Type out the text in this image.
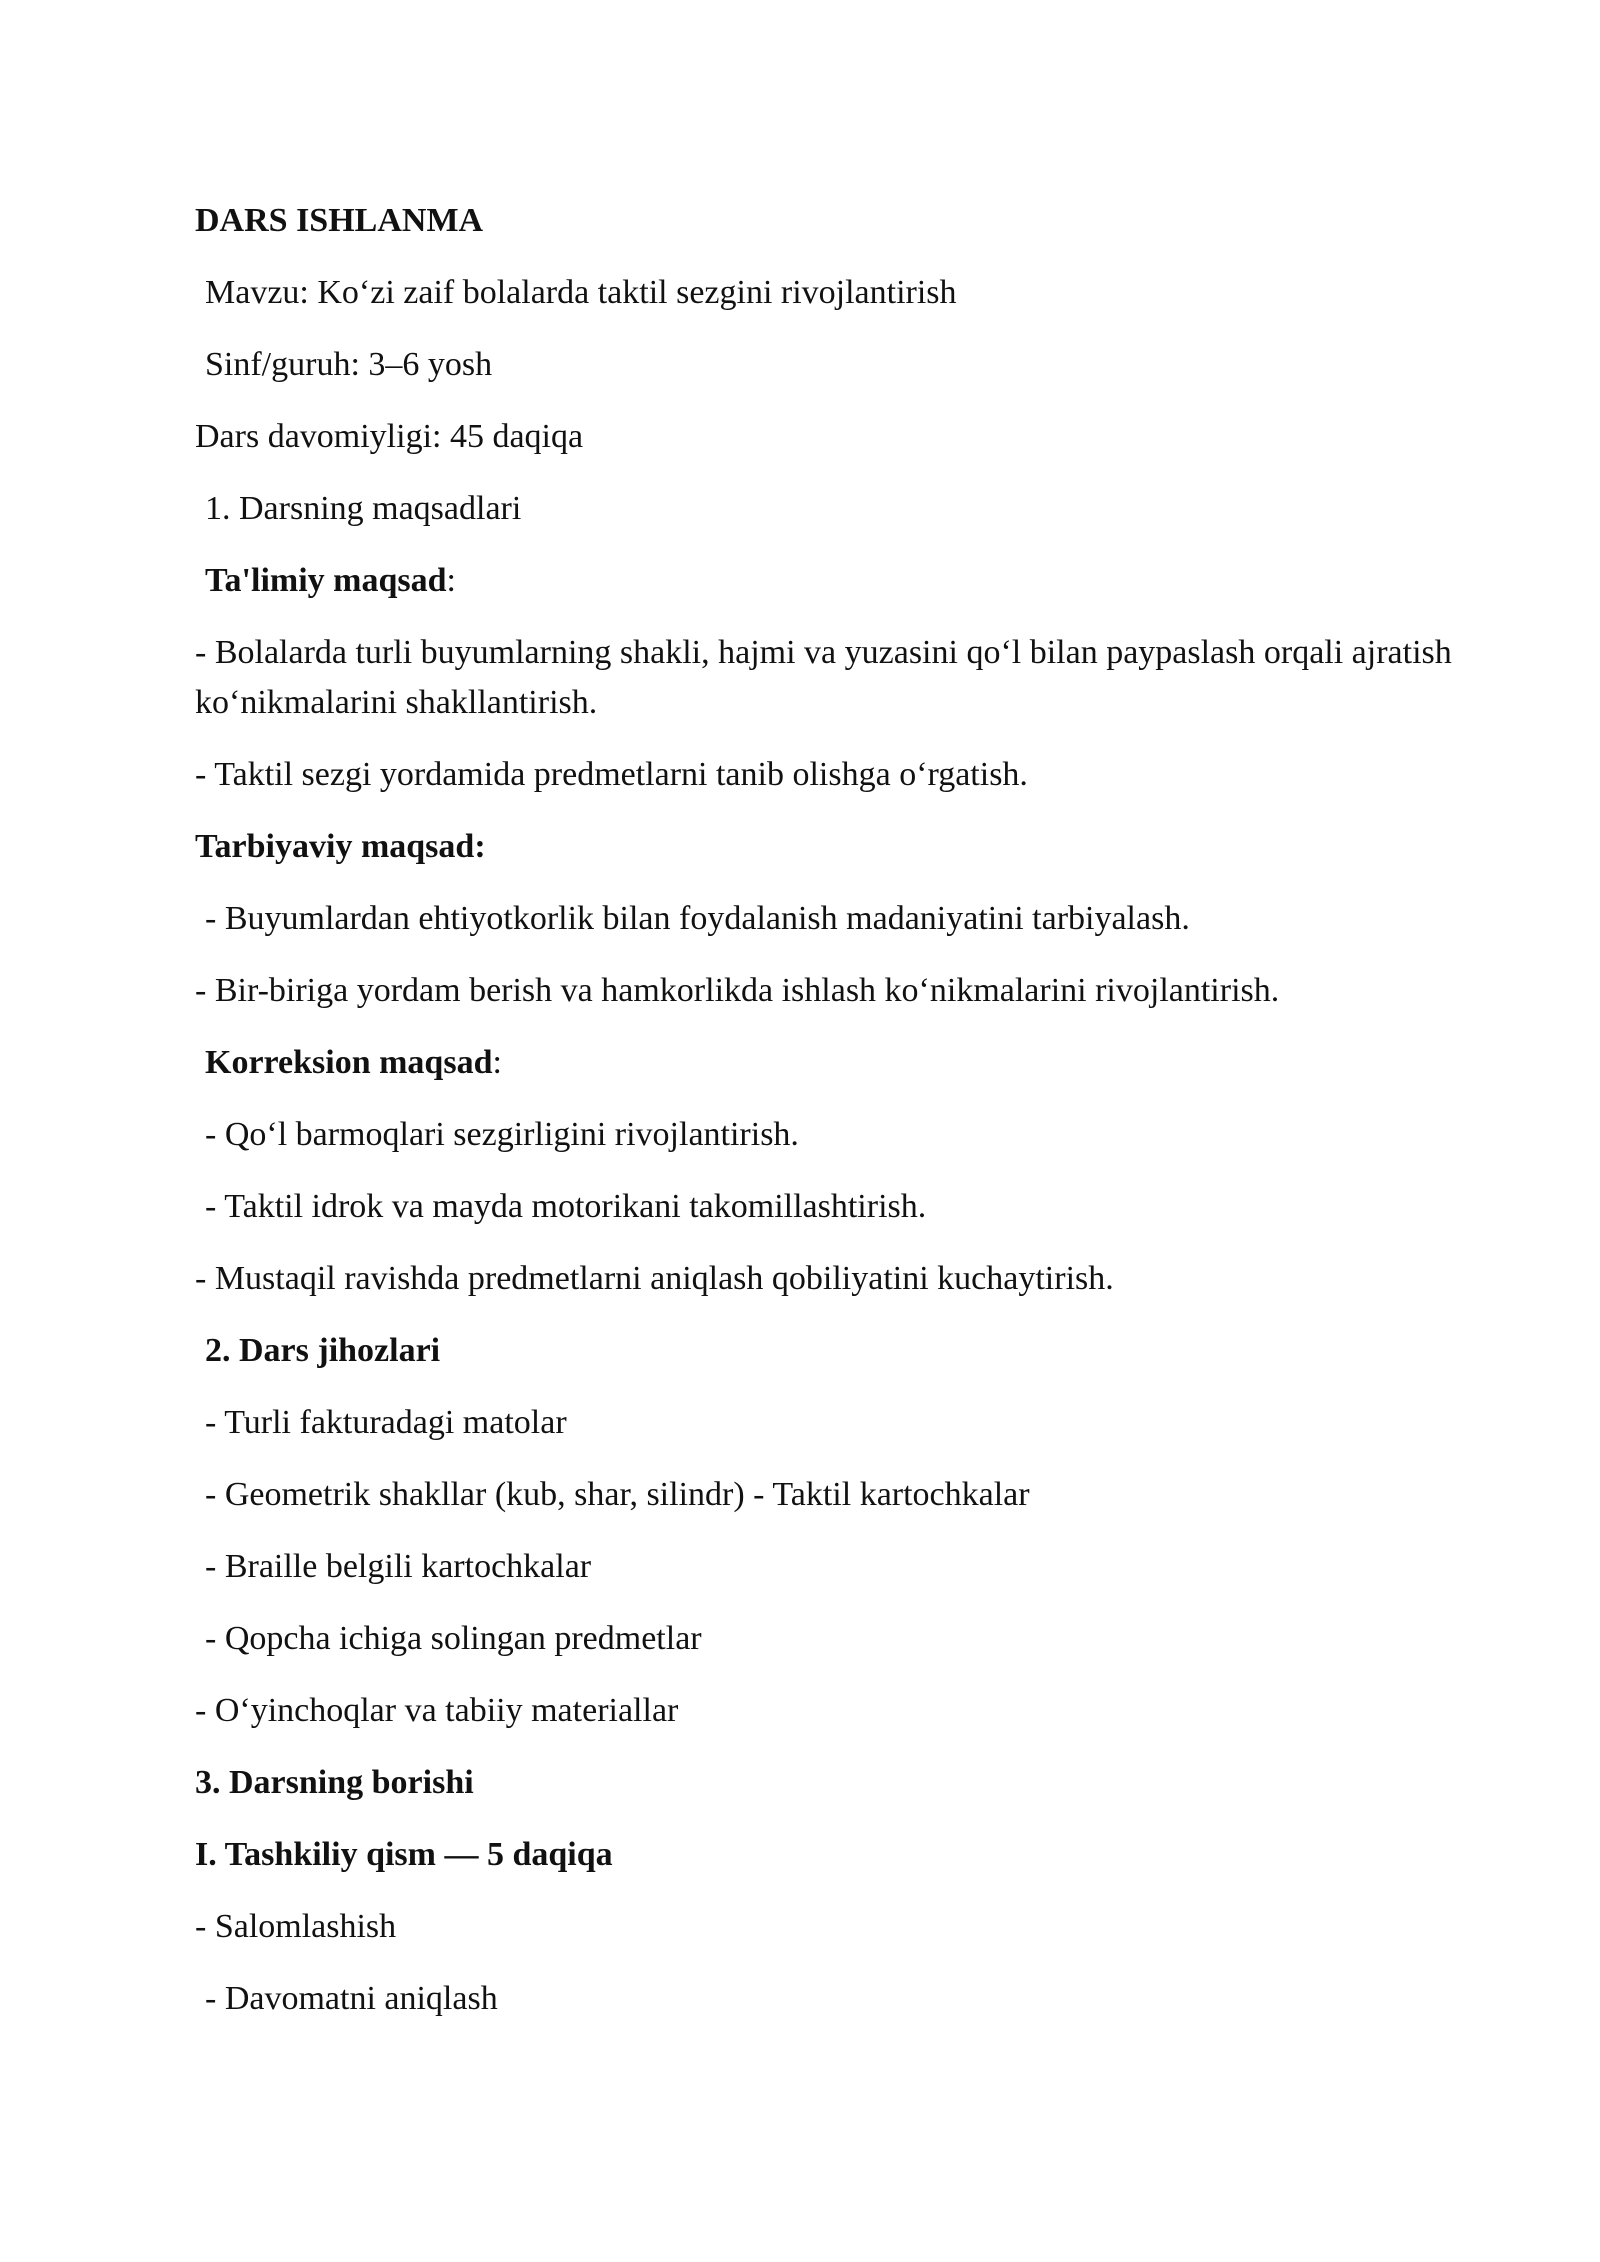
DARS ISHLANMA

Mavzu: Ko‘zi zaif bolalarda taktil sezgini rivojlantirish

Sinf/guruh: 3–6 yosh

Dars davomiyligi: 45 daqiqa

1. Darsning maqsadlari

Ta'limiy maqsad:

- Bolalarda turli buyumlarning shakli, hajmi va yuzasini qo‘l bilan paypaslash orqali ajratish ko‘nikmalarini shakllantirish.

- Taktil sezgi yordamida predmetlarni tanib olishga o‘rgatish.

Tarbiyaviy maqsad:

- Buyumlardan ehtiyotkorlik bilan foydalanish madaniyatini tarbiyalash.

- Bir-biriga yordam berish va hamkorlikda ishlash ko‘nikmalarini rivojlantirish.

Korreksion maqsad:

- Qo‘l barmoqlari sezgirligini rivojlantirish.

- Taktil idrok va mayda motorikani takomillashtirish.

- Mustaqil ravishda predmetlarni aniqlash qobiliyatini kuchaytirish.

2. Dars jihozlari

- Turli fakturadagi matolar

- Geometrik shakllar (kub, shar, silindr) - Taktil kartochkalar

- Braille belgili kartochkalar

- Qopcha ichiga solingan predmetlar

- O‘yinchoqlar va tabiiy materiallar

3. Darsning borishi

I. Tashkiliy qism — 5 daqiqa

- Salomlashish

- Davomatni aniqlash
